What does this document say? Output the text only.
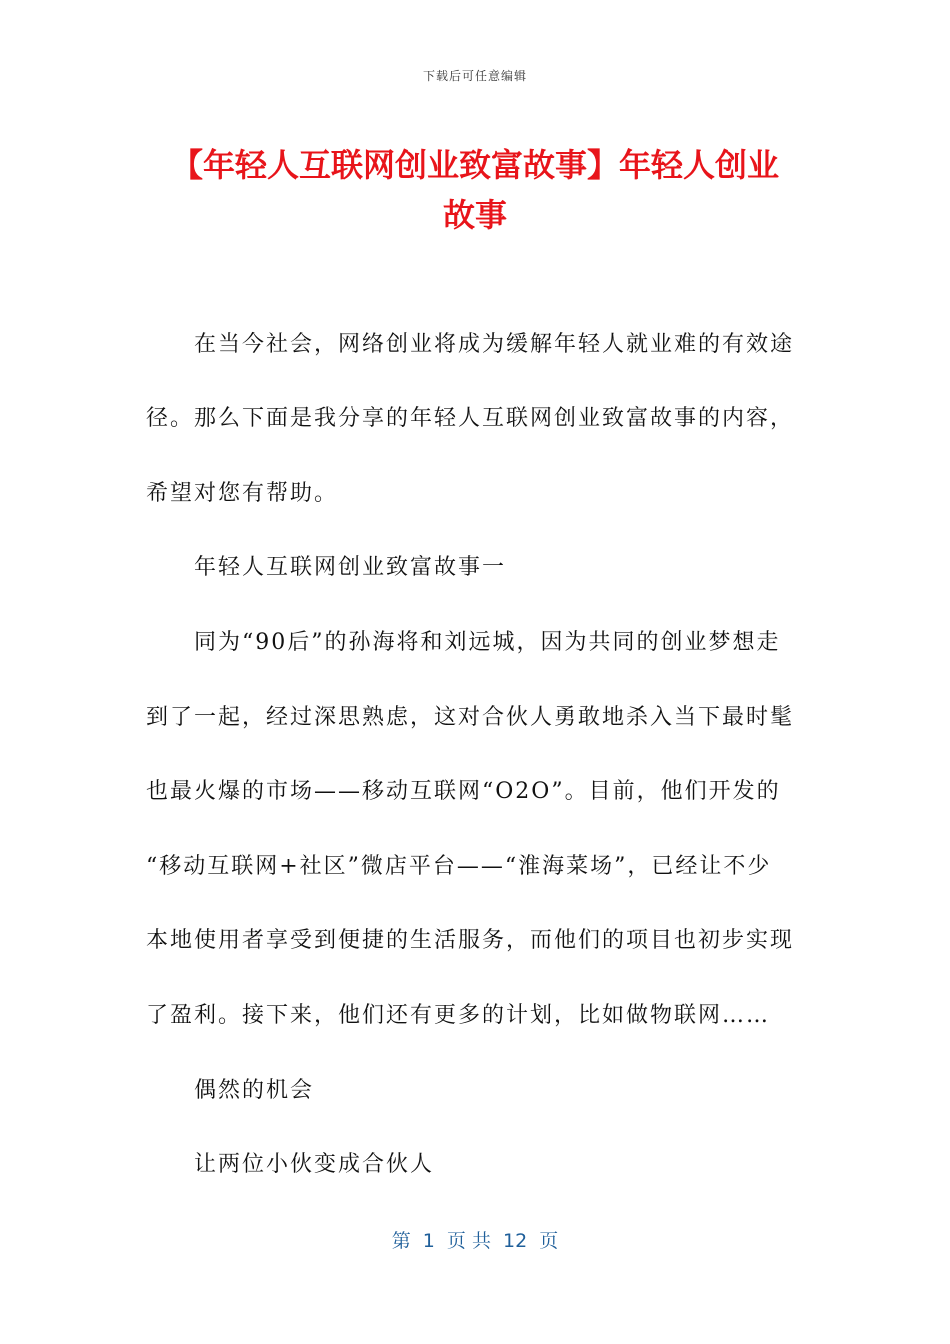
下载后可任意编辑
【年轻人互联网创业致富故事】年轻人创业
故事
在当今社会，网络创业将成为缓解年轻人就业难的有效途
径。那么下面是我分享的年轻人互联网创业致富故事的内容，
希望对您有帮助。
年轻人互联网创业致富故事一
同为“90后”的孙海将和刘远城，因为共同的创业梦想走
到了一起，经过深思熟虑，这对合伙人勇敢地杀入当下最时髦
也最火爆的市场——移动互联网“O2O”。目前，他们开发的
“移动互联网+社区”微店平台——“淮海菜场”，已经让不少
本地使用者享受到便捷的生活服务，而他们的项目也初步实现
了盈利。接下来，他们还有更多的计划，比如做物联网……
偶然的机会
让两位小伙变成合伙人
第  1  页 共  12  页
